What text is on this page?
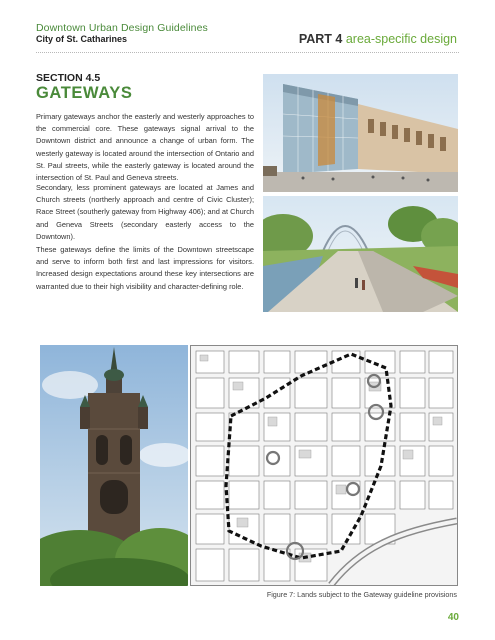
Downtown Urban Design Guidelines
City of St. Catharines	PART 4 area-specific design
SECTION 4.5
GATEWAYS

Primary gateways anchor the easterly and westerly approaches to the commercial core. These gateways signal arrival to the Downtown district and announce a change of urban form. The westerly gateway is located around the intersection of Ontario and St. Paul streets, while the easterly gateway is located around the intersection of St. Paul and Geneva streets.

Secondary, less prominent gateways are located at James and Church streets (northerly approach and centre of Civic Cluster); Race Street (southerly gateway from Highway 406); and at Church and Geneva Streets (secondary easterly access to the Downtown).

These gateways define the limits of the Downtown streetscape and serve to inform both first and last impressions for visitors. Increased design expectations around these key intersections are warranted due to their high visibility and character-defining role.

Figure 7: Lands subject to the Gateway guideline provisions
40
